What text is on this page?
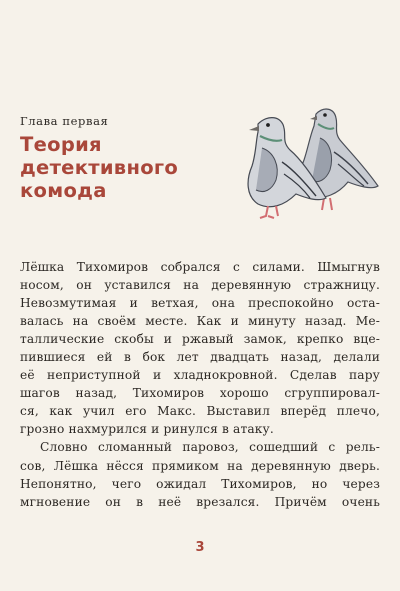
Глава первая
Теория
детективного
комода
Лёшка Тихомиров собрался с силами. Шмыгнув
носом, он уставился на деревянную стражницу.
Невозмутимая и ветхая, она преспокойно оста-
валась на своём месте. Как и минуту назад. Ме-
таллические скобы и ржавый замок, крепко вце-
пившиеся ей в бок лет двадцать назад, делали
её неприступной и хладнокровной. Сделав пару
шагов назад, Тихомиров хорошо сгруппировал-
ся, как учил его Макс. Выставил вперёд плечо,
грозно нахмурился и ринулся в атаку.
Словно сломанный паровоз, сошедший с рель-
сов, Лёшка нёсся прямиком на деревянную дверь.
Непонятно, чего ожидал Тихомиров, но через
мгновение он в неё врезался. Причём очень
3
